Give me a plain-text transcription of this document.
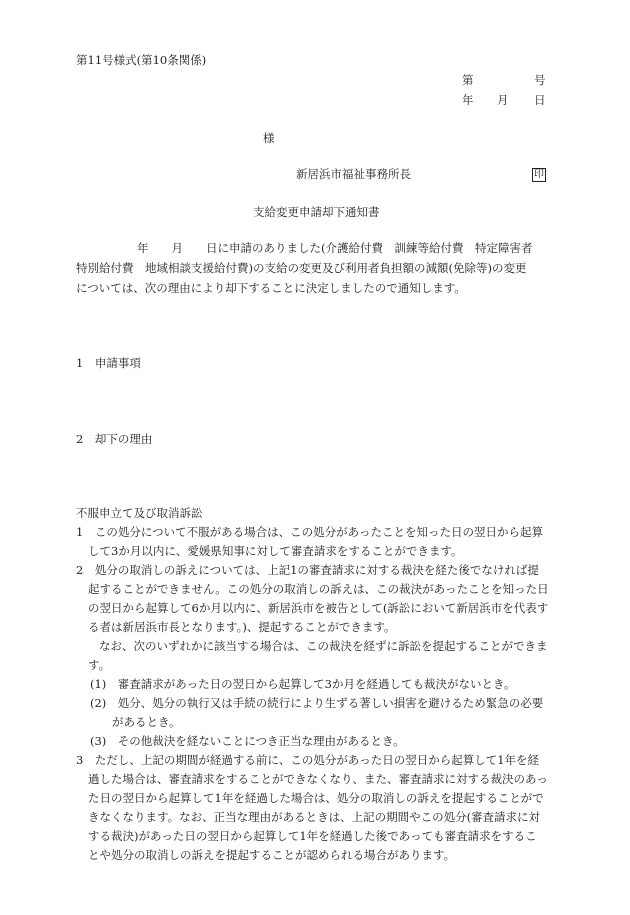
第11号様式(第10条関係)
第	号
年 月 日
様
新居浜市福祉事務所長	印
支給変更申請却下通知書
年　　月　　日に申請のありました(介護給付費　訓練等給付費　特定障害者
特別給付費　地域相談支援給付費)の支給の変更及び利用者負担額の減額(免除等)の変更
については、次の理由により却下することに決定しましたので通知します。
1　申請事項
2　却下の理由
不服申立て及び取消訴訟
1　この処分について不服がある場合は、この処分があったことを知った日の翌日から起算
して3か月以内に、愛媛県知事に対して審査請求をすることができます。
2　処分の取消しの訴えについては、上記1の審査請求に対する裁決を経た後でなければ提
起することができません。この処分の取消しの訴えは、この裁決があったことを知った日
の翌日から起算して6か月以内に、新居浜市を被告として(訴訟において新居浜市を代表す
る者は新居浜市長となります。)、提起することができます。
なお、次のいずれかに該当する場合は、この裁決を経ずに訴訟を提起することができま
す。
(1)　審査請求があった日の翌日から起算して3か月を経過しても裁決がないとき。
(2)　処分、処分の執行又は手続の続行により生ずる著しい損害を避けるため緊急の必要
があるとき。
(3)　その他裁決を経ないことにつき正当な理由があるとき。
3　ただし、上記の期間が経過する前に、この処分があった日の翌日から起算して1年を経
過した場合は、審査請求をすることができなくなり、また、審査請求に対する裁決のあっ
た日の翌日から起算して1年を経過した場合は、処分の取消しの訴えを提起することがで
きなくなります。なお、正当な理由があるときは、上記の期間やこの処分(審査請求に対
する裁決)があった日の翌日から起算して1年を経過した後であっても審査請求をするこ
とや処分の取消しの訴えを提起することが認められる場合があります。
